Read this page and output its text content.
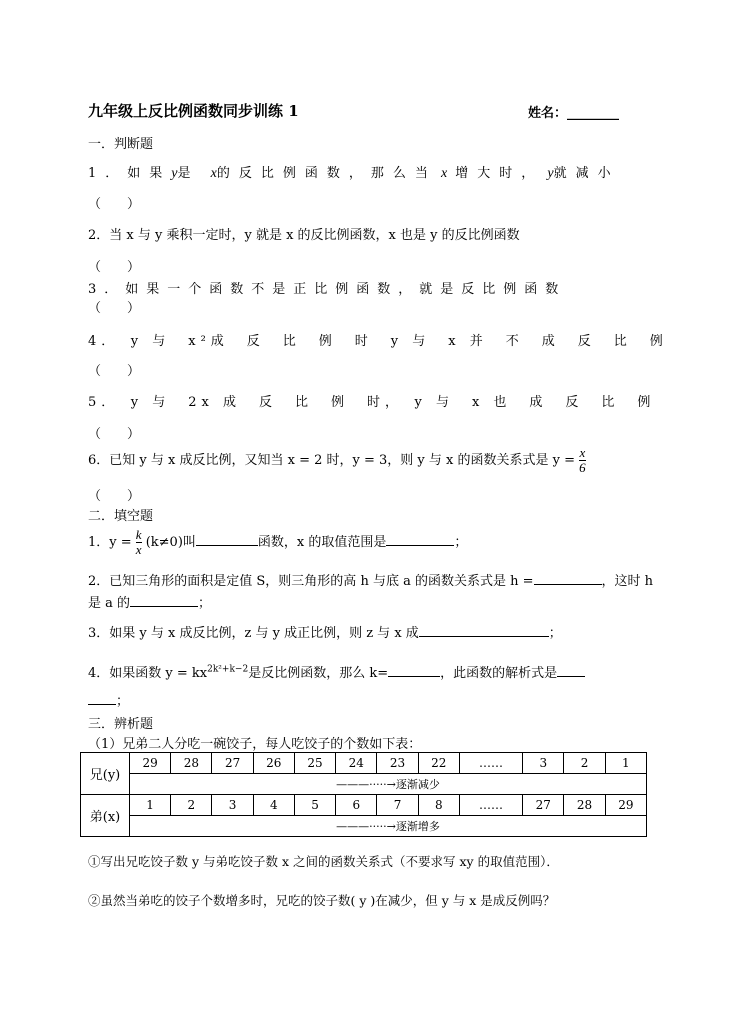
九年级上反比例函数同步训练 1	姓名：________
一．判断题
1．如果y是 x的反比例函数，那么当 x 增大时， y就减小
（　　）
2．当 x 与 y 乘积一定时，y 就是 x 的反比例函数，x 也是 y 的反比例函数
（　　）
3．如果一个函数不是正比例函数，就是反比例函数
（　　）
4．　y 与　x²成　反　比　例　时　y 与　x 并　不　成　反　比　例
（　　）
5．　y 与　2x 成　反　比　例　时，　y 与　x 也　成　反　比　例
（　　）
6．已知 y 与 x 成反比例，又知当 x = 2 时，y = 3，则 y 与 x 的函数关系式是 $y = \frac{x}{6}$
（　　）
二．填空题
1．$y = \frac{k}{x} (k\ne 0)$叫	函数，x 的取值范围是	；
2．已知三角形的面积是定值 S，则三角形的高 h 与底 a 的函数关系式是 h =	，这时 h
是 a 的	；
3．如果 y 与 x 成反比例，z 与 y 成正比例，则 z 与 x 成	；
4．如果函数 $y = kx^{2k^2+k-2}$是反比例函数，那么 k=	，此函数的解析式是
；
三．辨析题
（1）兄弟二人分吃一碗饺子，每人吃饺子的个数如下表：
兄(y)	29	28	27	26	25	24	23	22	……	3	2	1
	———·····→逐渐减少											
弟(x)	1	2	3	4	5	6	7	8	……	27	28	29
	———·····→逐渐增多											
①写出兄吃饺子数 y 与弟吃饺子数 x 之间的函数关系式（不要求写 xy 的取值范围）．
②虽然当弟吃的饺子个数增多时，兄吃的饺子数( y )在减少，但 y 与 x 是成反例吗？
